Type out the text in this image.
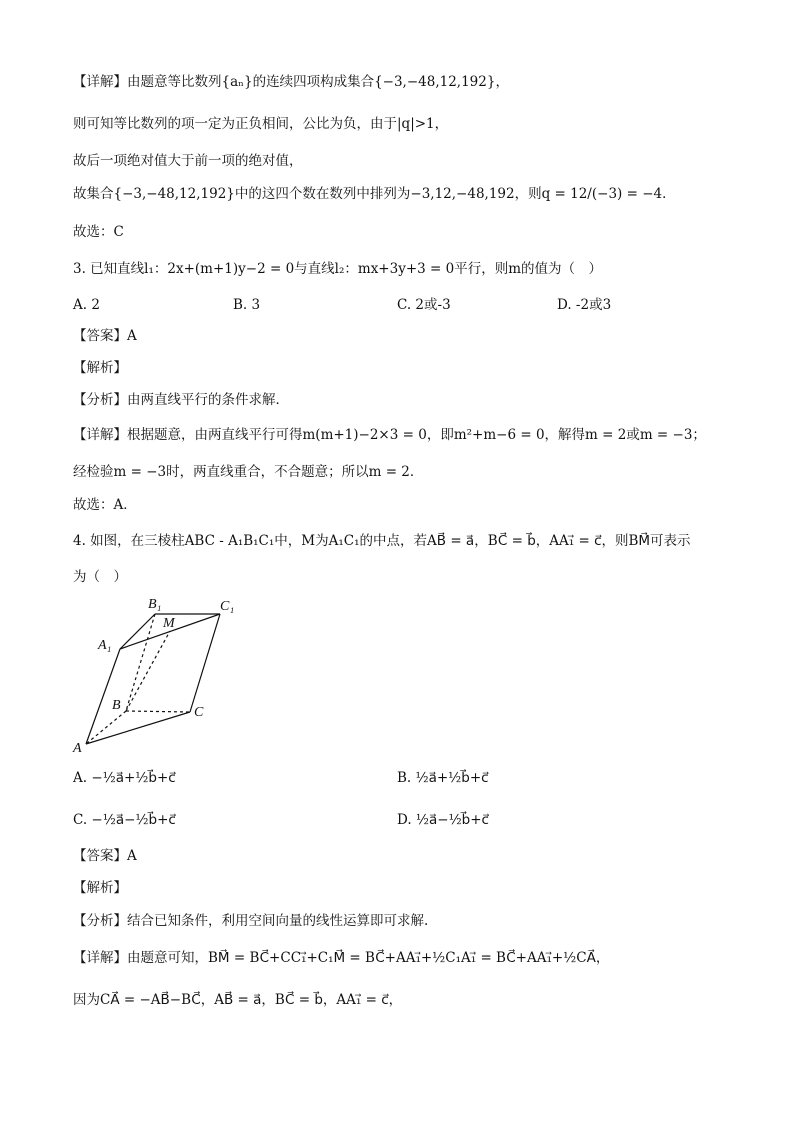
【详解】由题意等比数列{aₙ}的连续四项构成集合{−3,−48,12,192}，
则可知等比数列的项一定为正负相间，公比为负，由于|q|>1，
故后一项绝对值大于前一项的绝对值，
故集合{−3,−48,12,192}中的这四个数在数列中排列为−3,12,−48,192，则q = 12/(−3) = −4．
故选：C
3. 已知直线l₁：2x+(m+1)y−2 = 0与直线l₂：mx+3y+3 = 0平行，则m的值为（　）
A. 2	B. 3	C. 2或-3	D. -2或3
【答案】A
【解析】
【分析】由两直线平行的条件求解．
【详解】根据题意，由两直线平行可得m(m+1)−2×3 = 0，即m²+m−6 = 0，解得m = 2或m = −3；
经检验m = −3时，两直线重合，不合题意；所以m = 2．
故选：A．
4. 如图，在三棱柱ABC - A₁B₁C₁中，M为A₁C₁的中点，若AB⃗ = a⃗，BC⃗ = b⃗，AA₁⃗ = c⃗，则BM⃗可表示
为（　）
B₁	C₁
M
A₁
B	C
A
A. −½a⃗+½b⃗+c⃗	B. ½a⃗+½b⃗+c⃗
C. −½a⃗−½b⃗+c⃗	D. ½a⃗−½b⃗+c⃗
【答案】A
【解析】
【分析】结合已知条件，利用空间向量的线性运算即可求解.
【详解】由题意可知，BM⃗ = BC⃗+CC₁⃗+C₁M⃗ = BC⃗+AA₁⃗+½C₁A₁⃗ = BC⃗+AA₁⃗+½CA⃗，
因为CA⃗ = −AB⃗−BC⃗，AB⃗ = a⃗，BC⃗ = b⃗，AA₁⃗ = c⃗，
